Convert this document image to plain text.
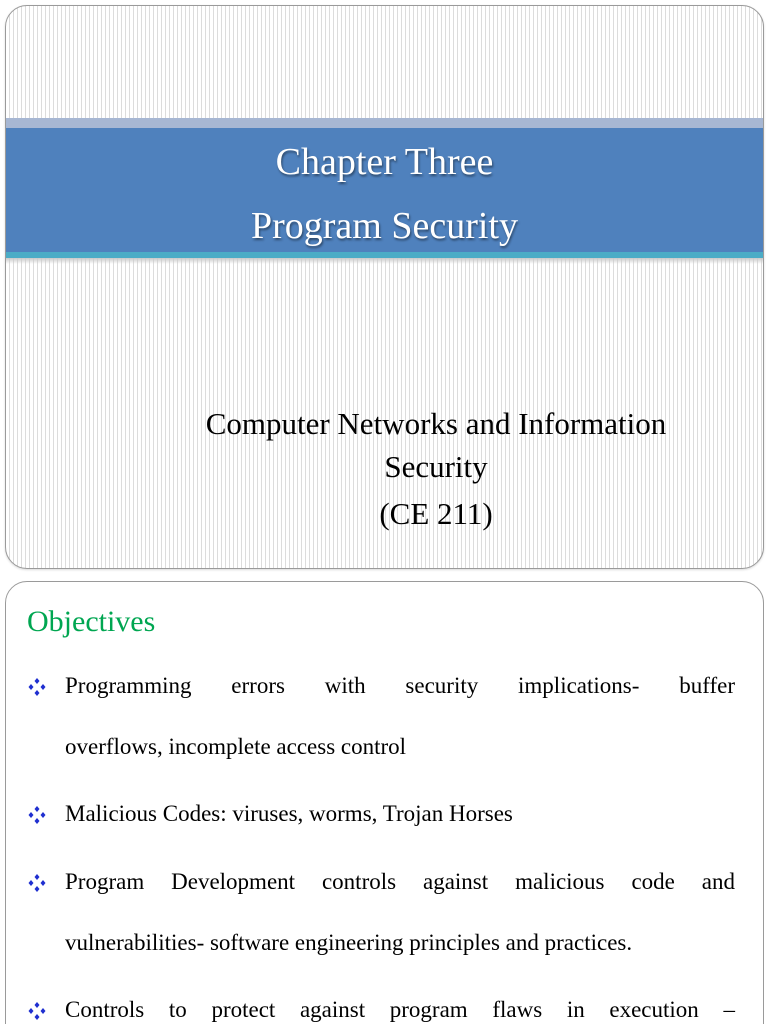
Chapter Three
Program Security
Computer Networks and Information
Security
(CE 211)
Objectives
Programming errors with security implications- buffer
overflows, incomplete access control
Malicious Codes: viruses, worms, Trojan Horses
Program Development controls against malicious code and
vulnerabilities- software engineering principles and practices.
Controls to protect against program flaws in execution –
